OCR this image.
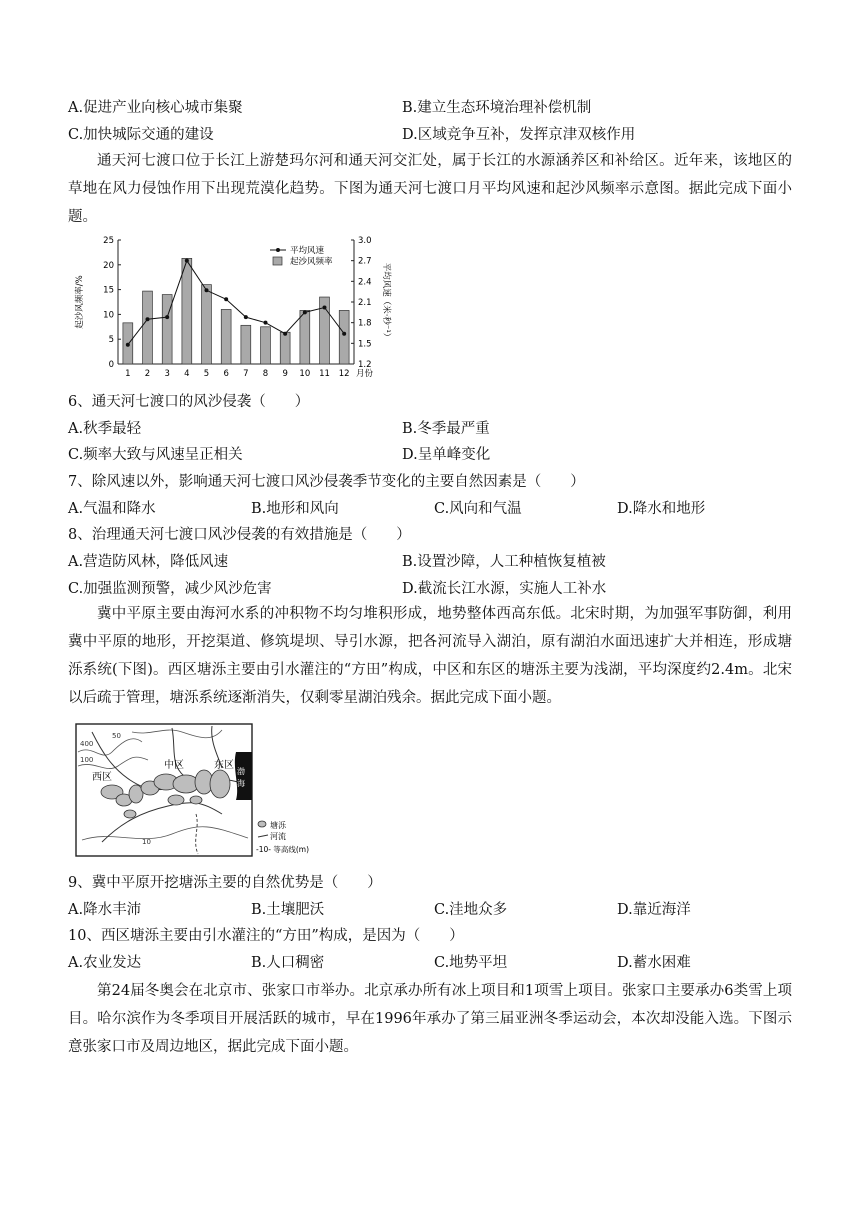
A.促进产业向核心城市集聚	B.建立生态环境治理补偿机制
C.加快城际交通的建设	D.区域竞争互补，发挥京津双核作用

通天河七渡口位于长江上游楚玛尔河和通天河交汇处，属于长江的水源涵养区和补给区。近年来，该地区的草地在风力侵蚀作用下出现荒漠化趋势。下图为通天河七渡口月平均风速和起沙风频率示意图。据此完成下面小题。

0
5
10
15
20
25
1.2
1.5
1.8
2.1
2.4
2.7
3.0
1 2 3 4 5 6 7 8 9 10 11 12 月份
起沙风频率/%	平均风速（米·秒⁻¹）
平均风速
起沙风频率
6、通天河七渡口的风沙侵袭（　　）
A.秋季最轻	B.冬季最严重
C.频率大致与风速呈正相关	D.呈单峰变化
7、除风速以外，影响通天河七渡口风沙侵袭季节变化的主要自然因素是（　　）
A.气温和降水	B.地形和风向	C.风向和气温	D.降水和地形
8、治理通天河七渡口风沙侵袭的有效措施是（　　）
A.营造防风林，降低风速	B.设置沙障，人工种植恢复植被
C.加强监测预警，减少风沙危害	D.截流长江水源，实施人工补水

冀中平原主要由海河水系的冲积物不均匀堆积形成，地势整体西高东低。北宋时期，为加强军事防御，利用冀中平原的地形，开挖渠道、修筑堤坝、导引水源，把各河流导入湖泊，原有湖泊水面迅速扩大并相连，形成塘泺系统(下图)。西区塘泺主要由引水灌注的“方田”构成，中区和东区的塘泺主要为浅湖，平均深度约2.4m。北宋以后疏于管理，塘泺系统逐渐消失，仅剩零星湖泊残余。据此完成下面小题。

西区
中区	东区
渤
海
400
100
50
10
塘泺
河流
-10- 等高线(m)
9、冀中平原开挖塘泺主要的自然优势是（　　）
A.降水丰沛	B.土壤肥沃	C.洼地众多	D.靠近海洋
10、西区塘泺主要由引水灌注的“方田”构成，是因为（　　）
A.农业发达	B.人口稠密	C.地势平坦	D.蓄水困难

第24届冬奥会在北京市、张家口市举办。北京承办所有冰上项目和1项雪上项目。张家口主要承办6类雪上项目。哈尔滨作为冬季项目开展活跃的城市，早在1996年承办了第三届亚洲冬季运动会，本次却没能入选。下图示意张家口市及周边地区，据此完成下面小题。
